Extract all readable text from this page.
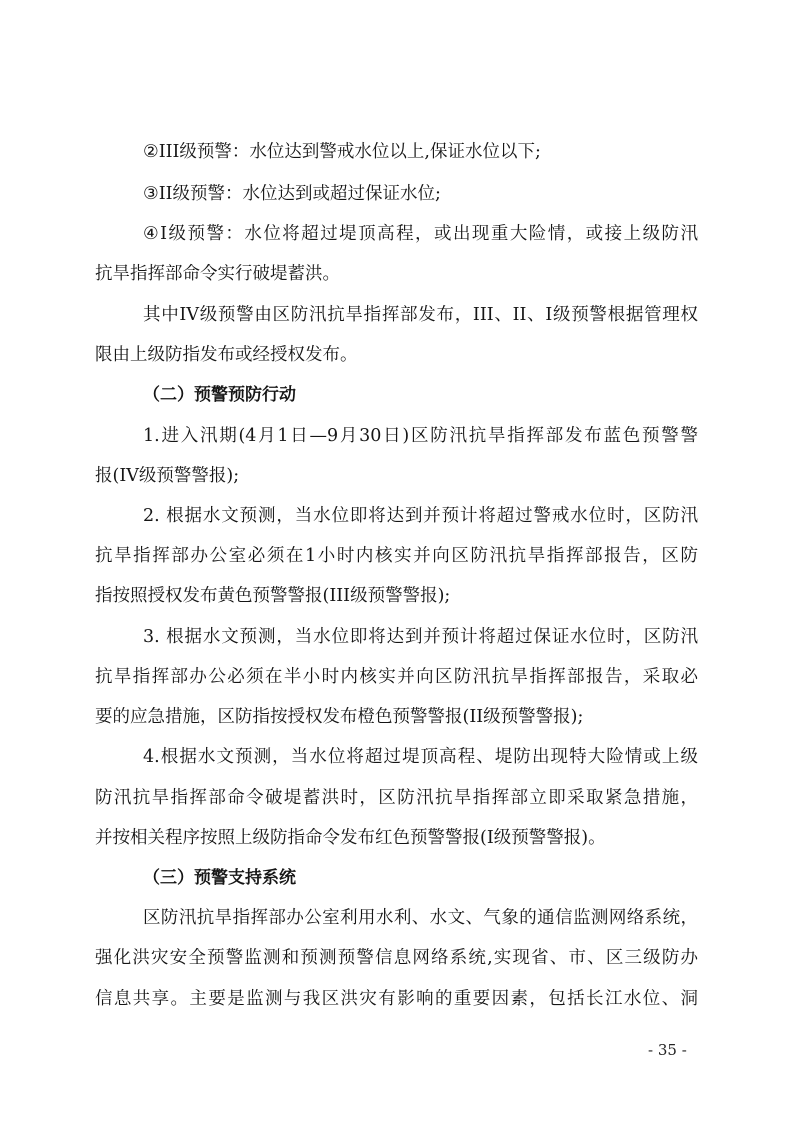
②III级预警：水位达到警戒水位以上,保证水位以下;
③II级预警：水位达到或超过保证水位;
④I级预警：水位将超过堤顶高程，或出现重大险情，或接上级防汛
抗旱指挥部命令实行破堤蓄洪。
其中IV级预警由区防汛抗旱指挥部发布，III、II、I级预警根据管理权
限由上级防指发布或经授权发布。
（二）预警预防行动
1.进入汛期(4月1日—9月30日)区防汛抗旱指挥部发布蓝色预警警
报(IV级预警警报);
2. 根据水文预测，当水位即将达到并预计将超过警戒水位时，区防汛
抗旱指挥部办公室必须在1小时内核实并向区防汛抗旱指挥部报告，区防
指按照授权发布黄色预警警报(III级预警警报);
3. 根据水文预测，当水位即将达到并预计将超过保证水位时，区防汛
抗旱指挥部办公必须在半小时内核实并向区防汛抗旱指挥部报告，采取必
要的应急措施，区防指按授权发布橙色预警警报(II级预警警报);
4.根据水文预测，当水位将超过堤顶高程、堤防出现特大险情或上级
防汛抗旱指挥部命令破堤蓄洪时，区防汛抗旱指挥部立即采取紧急措施，
并按相关程序按照上级防指命令发布红色预警警报(I级预警警报)。
（三）预警支持系统
区防汛抗旱指挥部办公室利用水利、水文、气象的通信监测网络系统，
强化洪灾安全预警监测和预测预警信息网络系统,实现省、市、区三级防办
信息共享。主要是监测与我区洪灾有影响的重要因素，包括长江水位、洞
- 35 -
